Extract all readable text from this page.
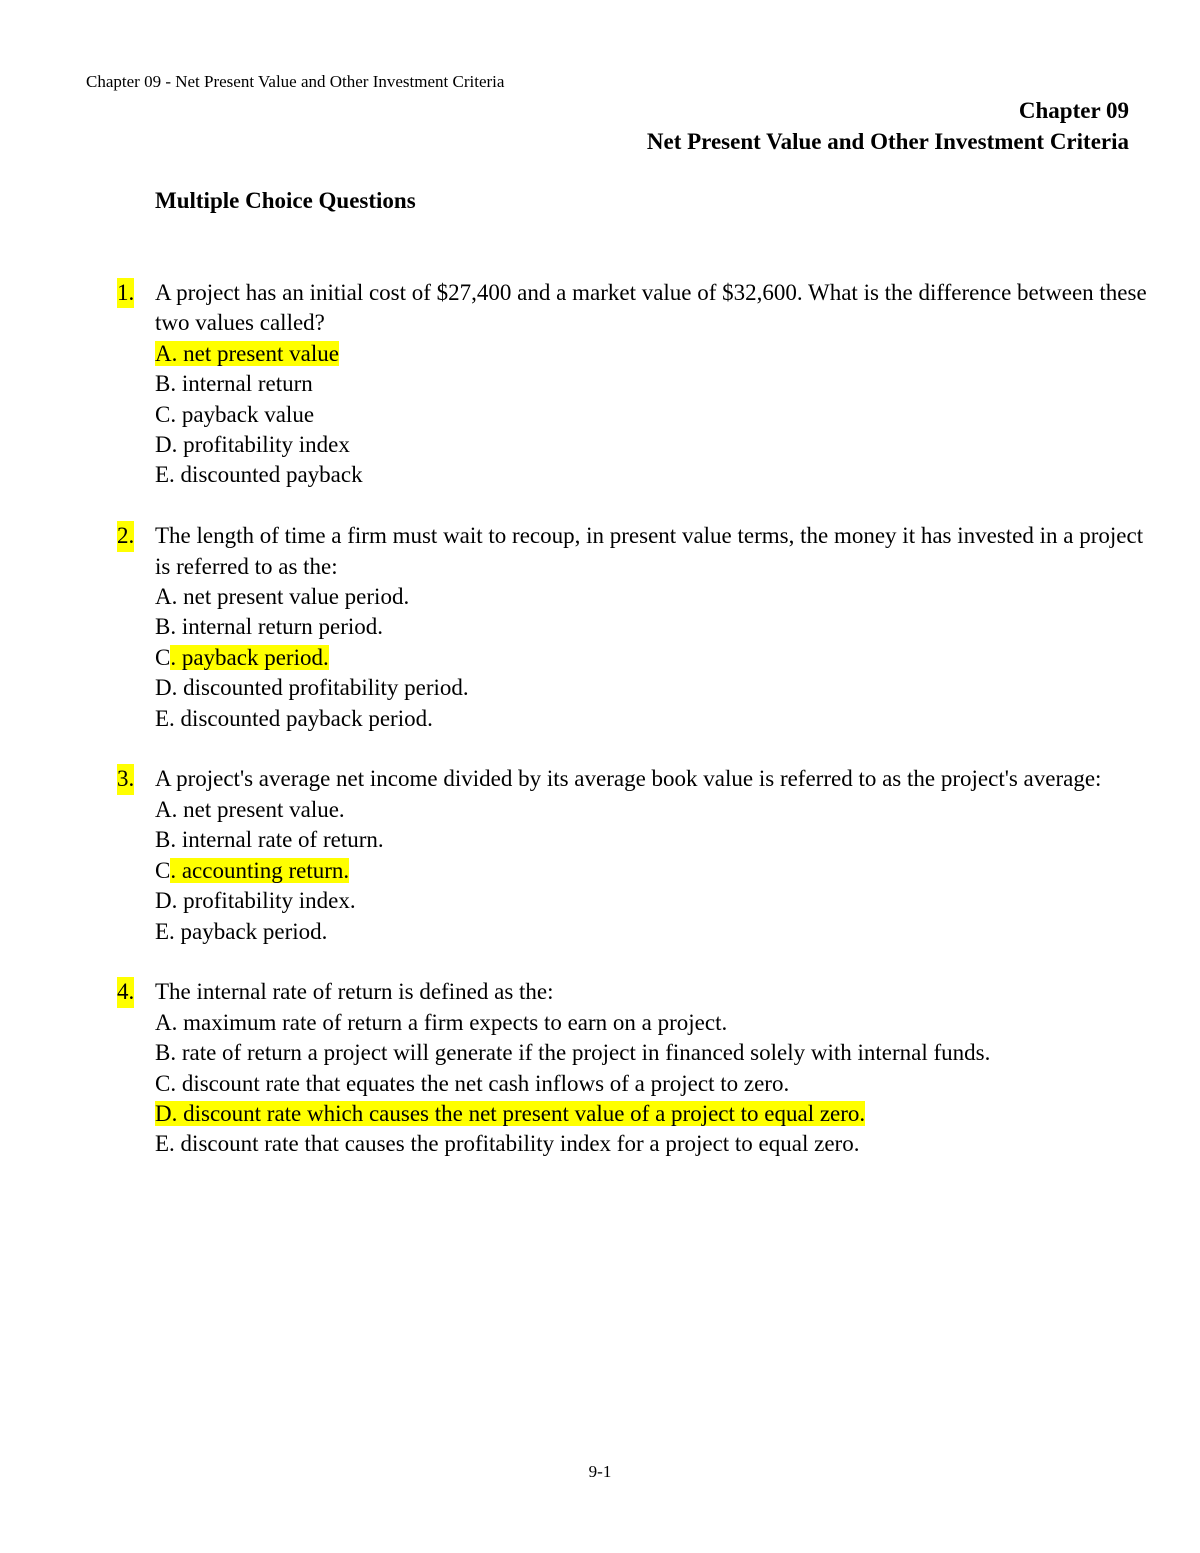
Chapter 09 - Net Present Value and Other Investment Criteria
Chapter 09
Net Present Value and Other Investment Criteria
Multiple Choice Questions
1. A project has an initial cost of $27,400 and a market value of $32,600. What is the difference between these two values called?
A. net present value
B. internal return
C. payback value
D. profitability index
E. discounted payback
2. The length of time a firm must wait to recoup, in present value terms, the money it has invested in a project is referred to as the:
A. net present value period.
B. internal return period.
C. payback period.
D. discounted profitability period.
E. discounted payback period.
3. A project's average net income divided by its average book value is referred to as the project's average:
A. net present value.
B. internal rate of return.
C. accounting return.
D. profitability index.
E. payback period.
4. The internal rate of return is defined as the:
A. maximum rate of return a firm expects to earn on a project.
B. rate of return a project will generate if the project in financed solely with internal funds.
C. discount rate that equates the net cash inflows of a project to zero.
D. discount rate which causes the net present value of a project to equal zero.
E. discount rate that causes the profitability index for a project to equal zero.
9-1
